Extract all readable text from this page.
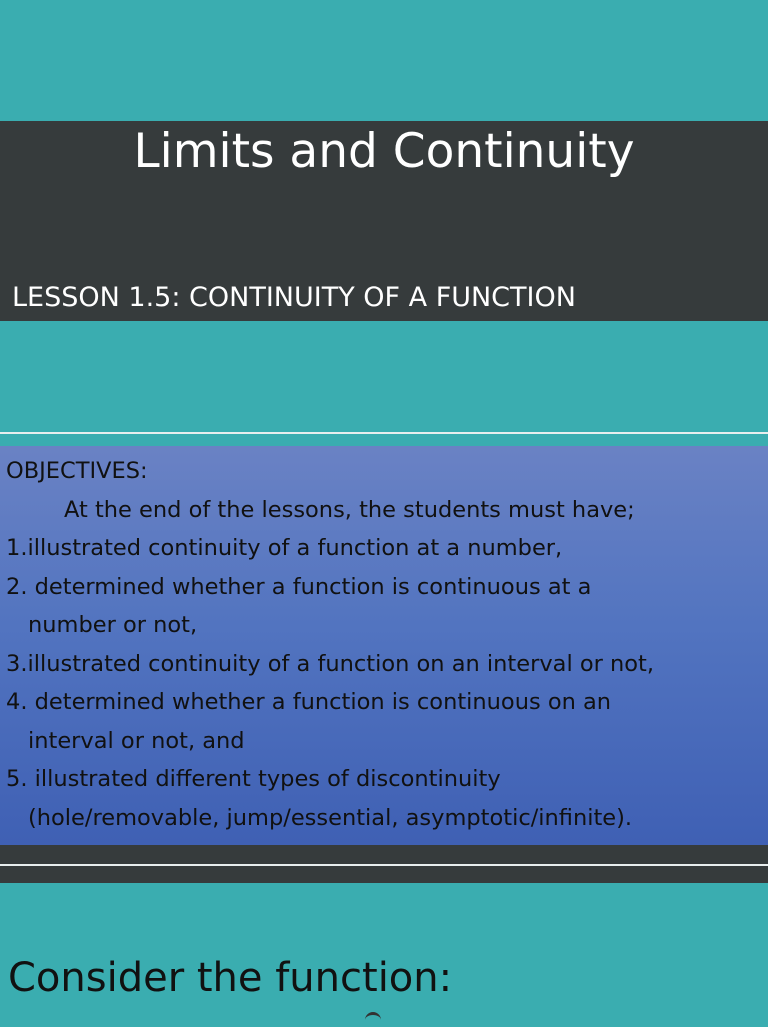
Limits and Continuity
LESSON 1.5: CONTINUITY OF A FUNCTION
OBJECTIVES:
At the end of the lessons, the students must have;
1.illustrated continuity of a function at a number,
2. determined whether a function is continuous at a
number or not,
3.illustrated continuity of a function on an interval or not,
4. determined whether a function is continuous on an
interval or not, and
5. illustrated different types of discontinuity
(hole/removable, jump/essential, asymptotic/infinite).
Consider the function:
